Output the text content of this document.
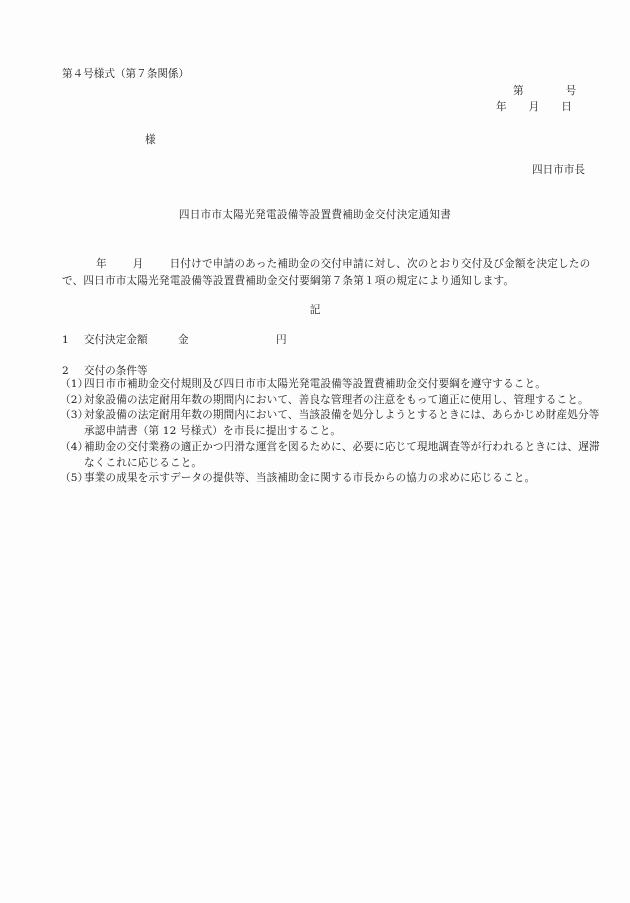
第４号様式（第７条関係）
第	号
年 月 日
様
四日市市長
四日市市太陽光発電設備等設置費補助金交付決定通知書
年 月 日付けで申請のあった補助金の交付申請に対し、次のとおり交付及び金額を決定したので、四日市市太陽光発電設備等設置費補助金交付要綱第７条第１項の規定により通知します。
記
1 交付決定金額	金	円
2 交付の条件等
（1）
四日市市補助金交付規則及び四日市市太陽光発電設備等設置費補助金交付要綱を遵守すること。
（2）
対象設備の法定耐用年数の期間内において、善良な管理者の注意をもって適正に使用し、管理すること。
（3）
対象設備の法定耐用年数の期間内において、当該設備を処分しようとするときには、あらかじめ財産処分等承認申請書（第 12 号様式）を市長に提出すること。
（4）
補助金の交付業務の適正かつ円滑な運営を図るために、必要に応じて現地調査等が行われるときには、遅滞なくこれに応じること。
（5）
事業の成果を示すデータの提供等、当該補助金に関する市長からの協力の求めに応じること。
